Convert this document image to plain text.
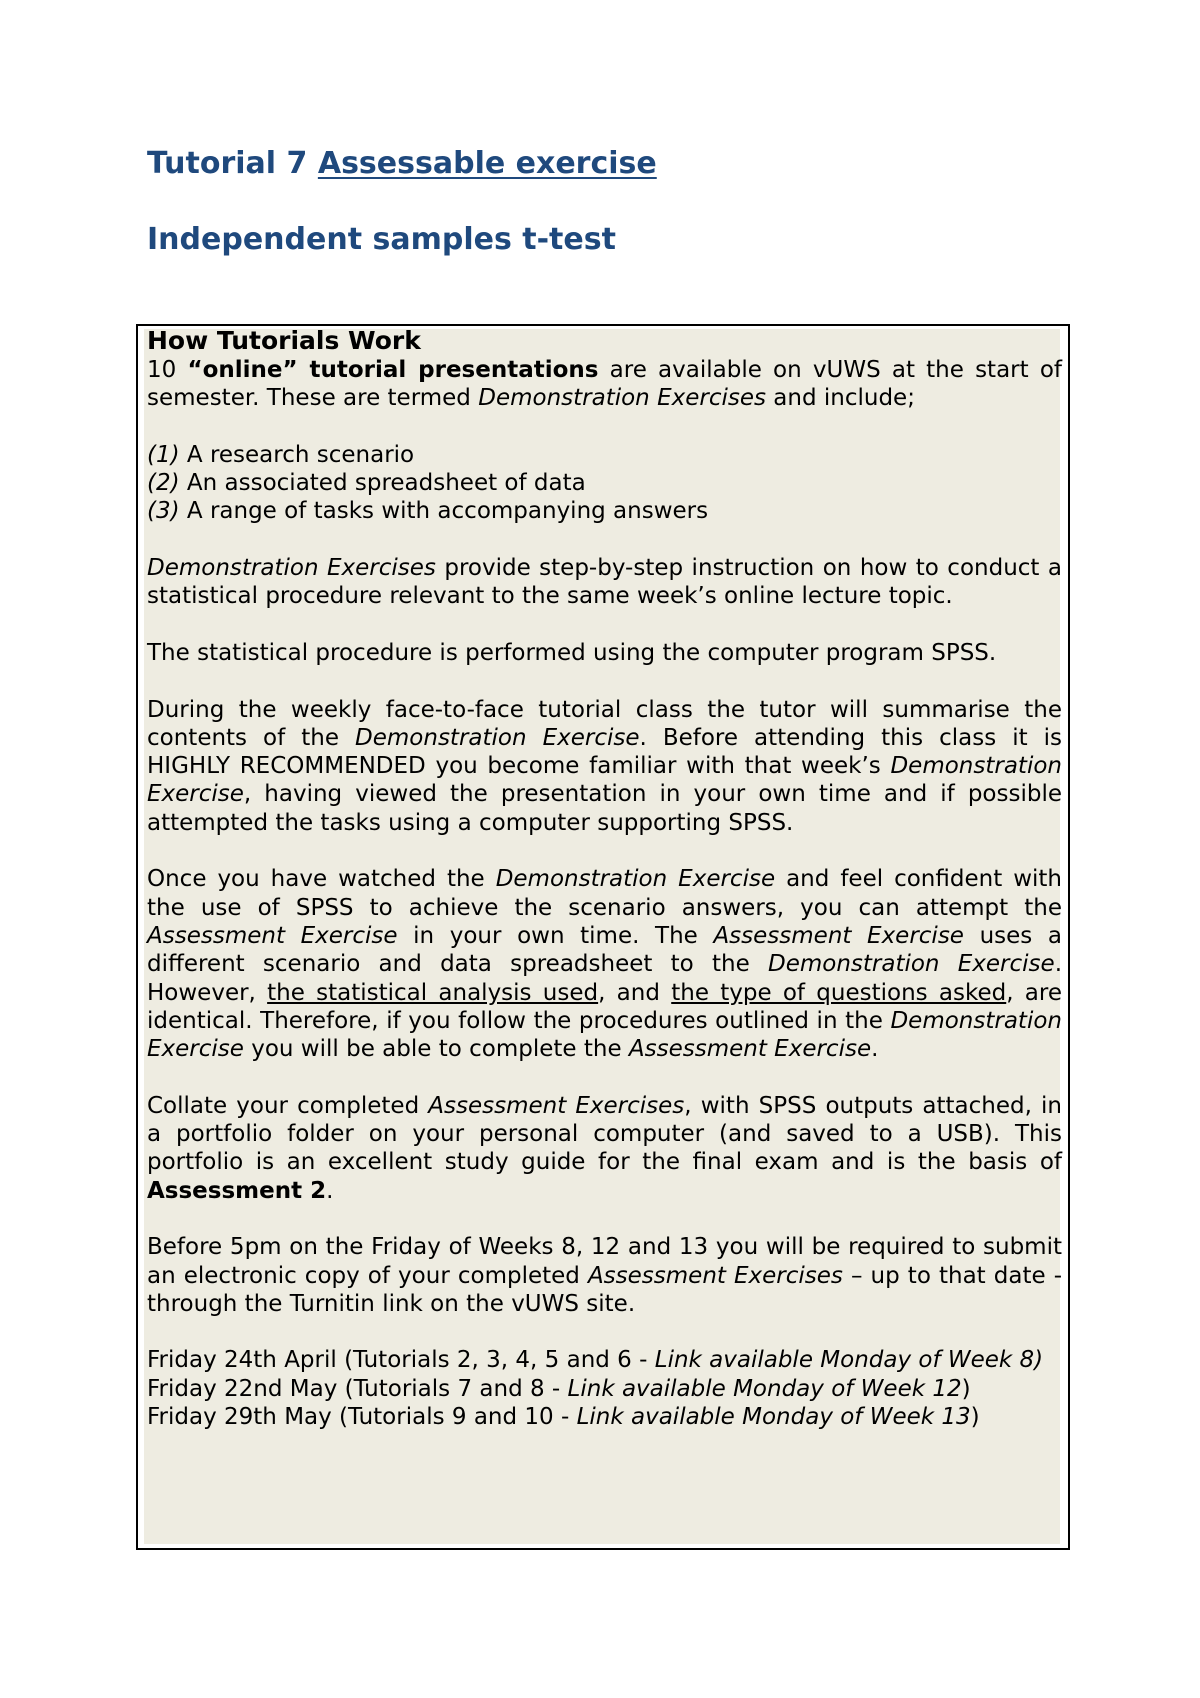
Tutorial 7 Assessable exercise
Independent samples t-test

How Tutorials Work

10 “online” tutorial presentations are available on vUWS at the start of semester. These are termed Demonstration Exercises and include;

(1) A research scenario

(2) An associated spreadsheet of data

(3) A range of tasks with accompanying answers

Demonstration Exercises provide step-by-step instruction on how to conduct a statistical procedure relevant to the same week’s online lecture topic.

The statistical procedure is performed using the computer program SPSS.

During the weekly face-to-face tutorial class the tutor will summarise the contents of the Demonstration Exercise. Before attending this class it is HIGHLY RECOMMENDED you become familiar with that week’s Demonstration Exercise, having viewed the presentation in your own time and if possible attempted the tasks using a computer supporting SPSS.

Once you have watched the Demonstration Exercise and feel confident with the use of SPSS to achieve the scenario answers, you can attempt the Assessment Exercise in your own time. The Assessment Exercise uses a different scenario and data spreadsheet to the Demonstration Exercise. However, the statistical analysis used, and the type of questions asked, are identical. Therefore, if you follow the procedures outlined in the Demonstration Exercise you will be able to complete the Assessment Exercise.

Collate your completed Assessment Exercises, with SPSS outputs attached, in a portfolio folder on your personal computer (and saved to a USB). This portfolio is an excellent study guide for the final exam and is the basis of Assessment 2.

Before 5pm on the Friday of Weeks 8, 12 and 13 you will be required to submit an electronic copy of your completed Assessment Exercises – up to that date - through the Turnitin link on the vUWS site.

Friday 24th April (Tutorials 2, 3, 4, 5 and 6 - Link available Monday of Week 8)

Friday 22nd May (Tutorials 7 and 8 - Link available Monday of Week 12)

Friday 29th May (Tutorials 9 and 10 - Link available Monday of Week 13)
